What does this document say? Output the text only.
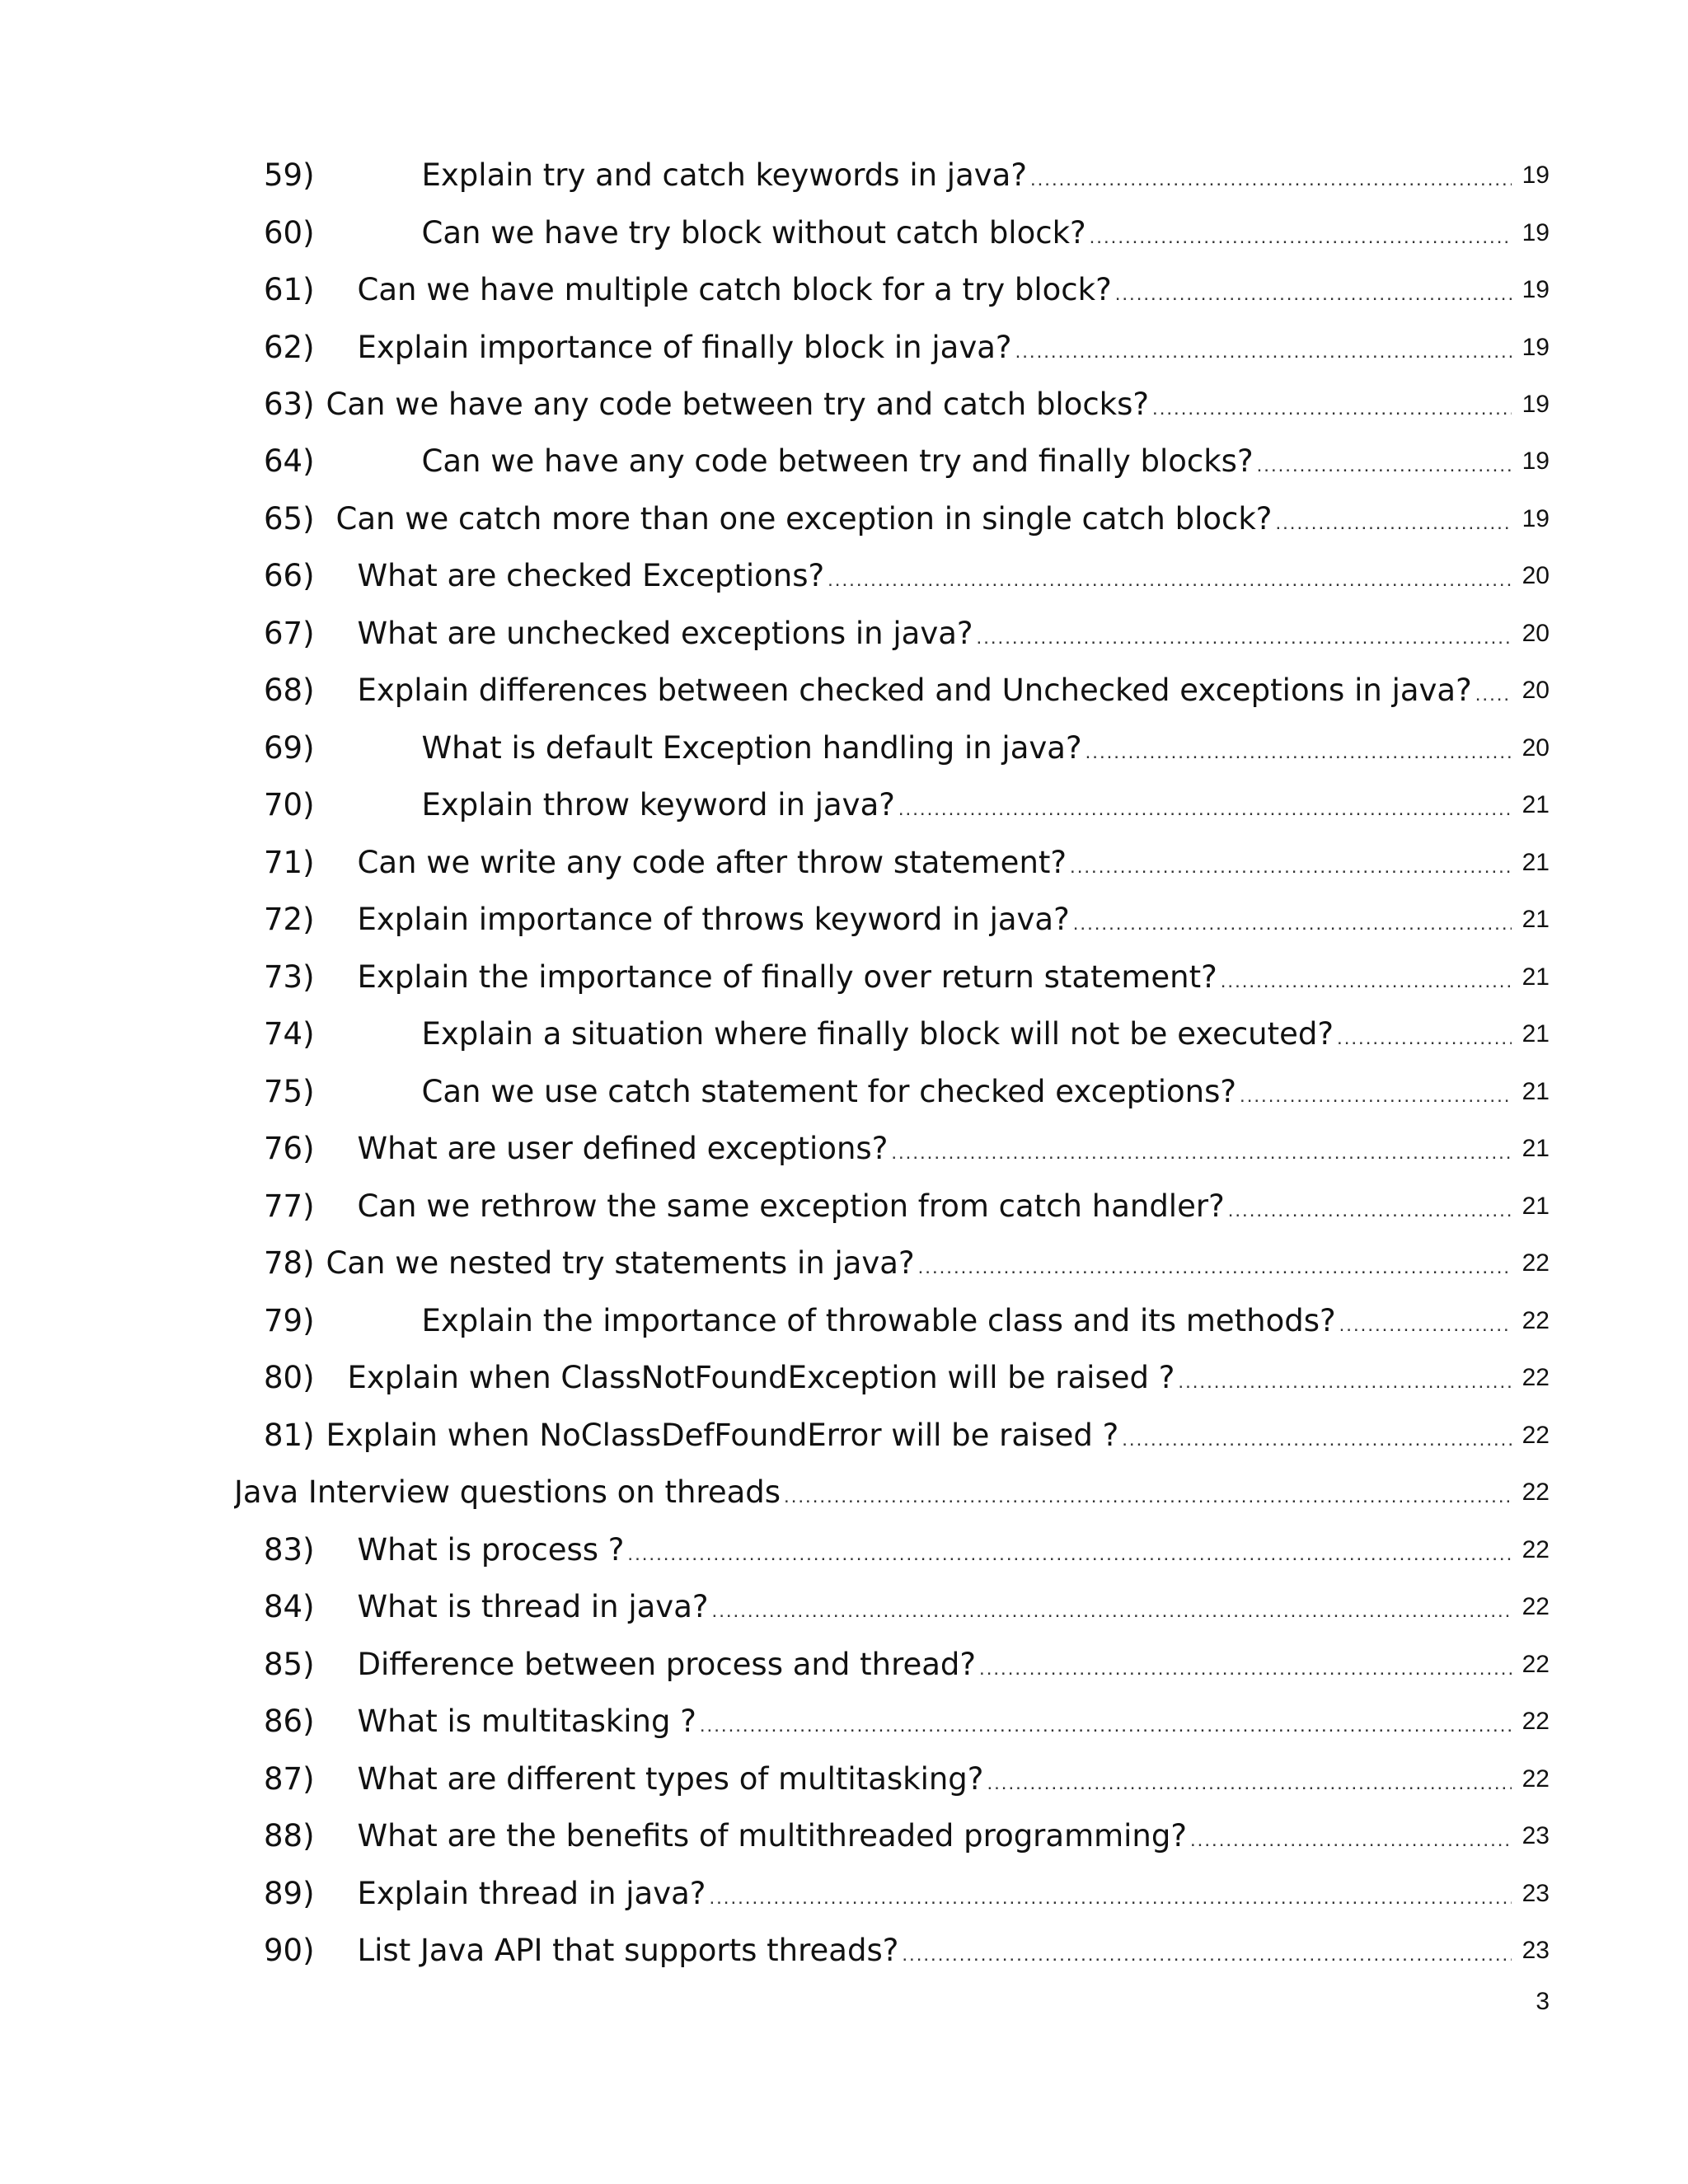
59)	Explain try and catch keywords in java? .....	19
60)	Can we have try block without catch block? .....	19
61) Can we have multiple catch block for a try block? .....	19
62) Explain importance of finally block in java? .....	19
63) Can we have any code between try and catch blocks? .....	19
64)	Can we have any code between try and finally blocks? .....	19
65) Can we catch more than one exception in single catch block? .....	19
66) What are checked Exceptions? .....	20
67) What are unchecked exceptions in java? .....	20
68) Explain differences between checked and Unchecked exceptions in java? ..... 20
69)	What is default Exception handling in java? .....	20
70)	Explain throw keyword in java? .....	21
71) Can we write any code after throw statement? .....	21
72) Explain importance of throws keyword in java? .....	21
73) Explain the importance of finally over return statement? .....	21
74)	Explain a situation where finally block will not be executed? .....	21
75)	Can we use catch statement for checked exceptions? .....	21
76) What are user defined exceptions? .....	21
77) Can we rethrow the same exception from catch handler? .....	21
78) Can we nested try statements in java? .....	22
79)	Explain the importance of throwable class and its methods? .....	22
80) Explain when ClassNotFoundException will be raised ? .....	22
81) Explain when NoClassDefFoundError will be raised ? .....	22
Java Interview questions on threads .....	22
83) What is process ? .....	22
84) What is thread in java? .....	22
85) Difference between process and thread? .....	22
86) What is multitasking ? .....	22
87) What are different types of multitasking? .....	22
88) What are the benefits of multithreaded programming? .....	23
89) Explain thread in java? .....	23
90) List Java API that supports threads? .....	23
3
